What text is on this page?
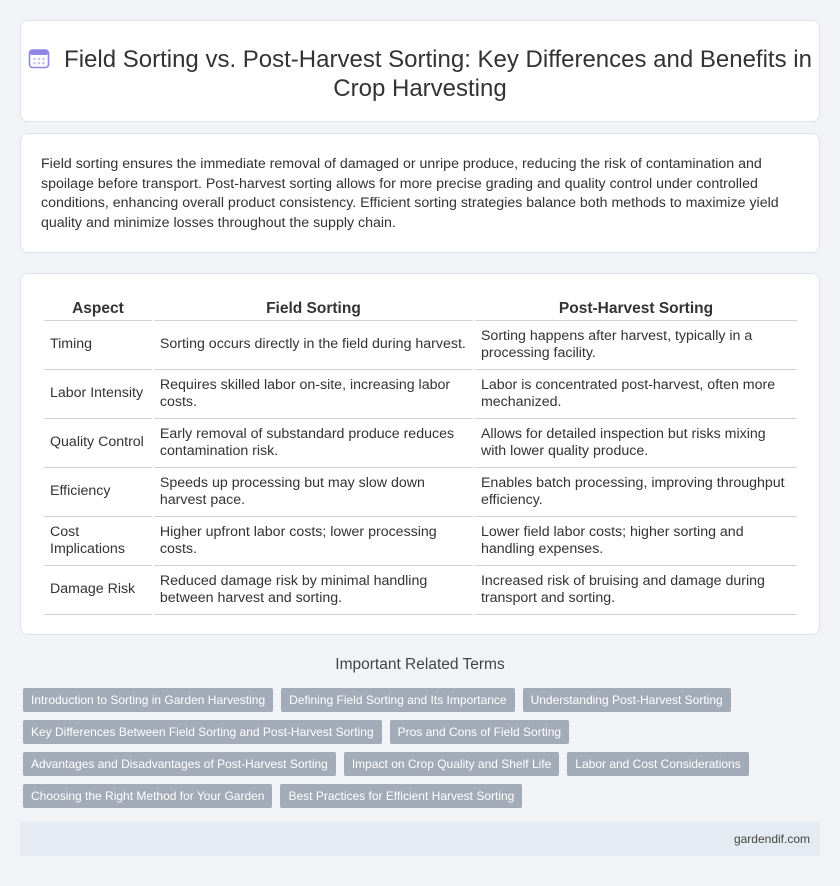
Field Sorting vs. Post-Harvest Sorting: Key Differences and Benefits in Crop Harvesting

Field sorting ensures the immediate removal of damaged or unripe produce, reducing the risk of contamination and spoilage before transport. Post-harvest sorting allows for more precise grading and quality control under controlled conditions, enhancing overall product consistency. Efficient sorting strategies balance both methods to maximize yield quality and minimize losses throughout the supply chain.

Aspect	Field Sorting	Post-Harvest Sorting
Timing	Sorting occurs directly in the field during harvest.	Sorting happens after harvest, typically in a processing facility.
Labor Intensity	Requires skilled labor on-site, increasing labor costs.	Labor is concentrated post-harvest, often more mechanized.
Quality Control	Early removal of substandard produce reduces contamination risk.	Allows for detailed inspection but risks mixing with lower quality produce.
Efficiency	Speeds up processing but may slow down harvest pace.	Enables batch processing, improving throughput efficiency.
Cost Implications	Higher upfront labor costs; lower processing costs.	Lower field labor costs; higher sorting and handling expenses.
Damage Risk	Reduced damage risk by minimal handling between harvest and sorting.	Increased risk of bruising and damage during transport and sorting.
Important Related Terms
Introduction to Sorting in Garden Harvesting	Defining Field Sorting and Its Importance	Understanding Post-Harvest Sorting
Key Differences Between Field Sorting and Post-Harvest Sorting	Pros and Cons of Field Sorting
Advantages and Disadvantages of Post-Harvest Sorting	Impact on Crop Quality and Shelf Life	Labor and Cost Considerations
Choosing the Right Method for Your Garden	Best Practices for Efficient Harvest Sorting
gardendif.com
